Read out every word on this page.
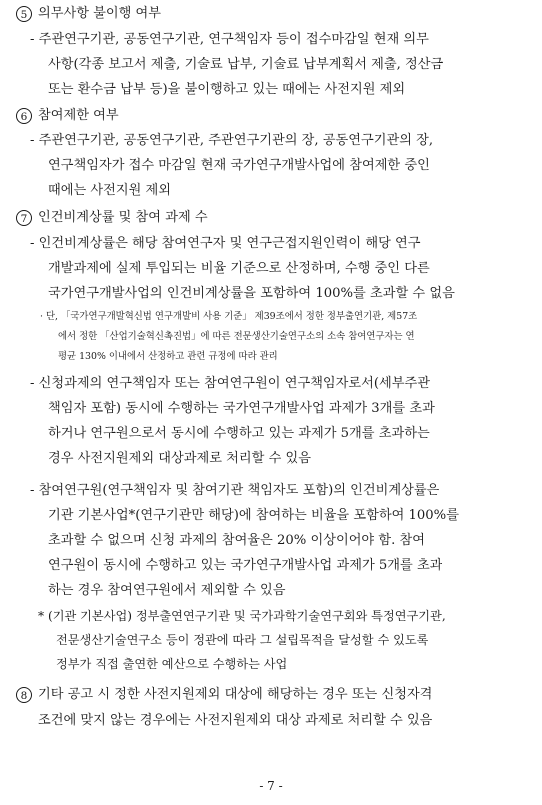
5 의무사항 불이행 여부
- 주관연구기관, 공동연구기관, 연구책임자 등이 접수마감일 현재 의무
사항(각종 보고서 제출, 기술료 납부, 기술료 납부계획서 제출, 정산금
또는 환수금 납부 등)을 불이행하고 있는 때에는 사전지원 제외
6 참여제한 여부
- 주관연구기관, 공동연구기관, 주관연구기관의 장, 공동연구기관의 장,
연구책임자가 접수 마감일 현재 국가연구개발사업에 참여제한 중인
때에는 사전지원 제외
7 인건비계상률 및 참여 과제 수
- 인건비계상률은 해당 참여연구자 및 연구근접지원인력이 해당 연구
개발과제에 실제 투입되는 비율 기준으로 산정하며, 수행 중인 다른
국가연구개발사업의 인건비계상률을 포함하여 100%를 초과할 수 없음
· 단, 「국가연구개발혁신법 연구개발비 사용 기준」 제39조에서 정한 정부출연기관, 제57조
에서 정한 「산업기술혁신촉진법」에 따른 전문생산기술연구소의 소속 참여연구자는 연
평균 130% 이내에서 산정하고 관련 규정에 따라 관리
- 신청과제의 연구책임자 또는 참여연구원이 연구책임자로서(세부주관
책임자 포함) 동시에 수행하는 국가연구개발사업 과제가 3개를 초과
하거나 연구원으로서 동시에 수행하고 있는 과제가 5개를 초과하는
경우 사전지원제외 대상과제로 처리할 수 있음
- 참여연구원(연구책임자 및 참여기관 책임자도 포함)의 인건비계상률은
기관 기본사업*(연구기관만 해당)에 참여하는 비율을 포함하여 100%를
초과할 수 없으며 신청 과제의 참여율은 20% 이상이어야 함. 참여
연구원이 동시에 수행하고 있는 국가연구개발사업 과제가 5개를 초과
하는 경우 참여연구원에서 제외할 수 있음
* (기관 기본사업) 정부출연연구기관 및 국가과학기술연구회와 특정연구기관,
전문생산기술연구소 등이 정관에 따라 그 설립목적을 달성할 수 있도록
정부가 직접 출연한 예산으로 수행하는 사업
8 기타 공고 시 정한 사전지원제외 대상에 해당하는 경우 또는 신청자격
조건에 맞지 않는 경우에는 사전지원제외 대상 과제로 처리할 수 있음
- 7 -
